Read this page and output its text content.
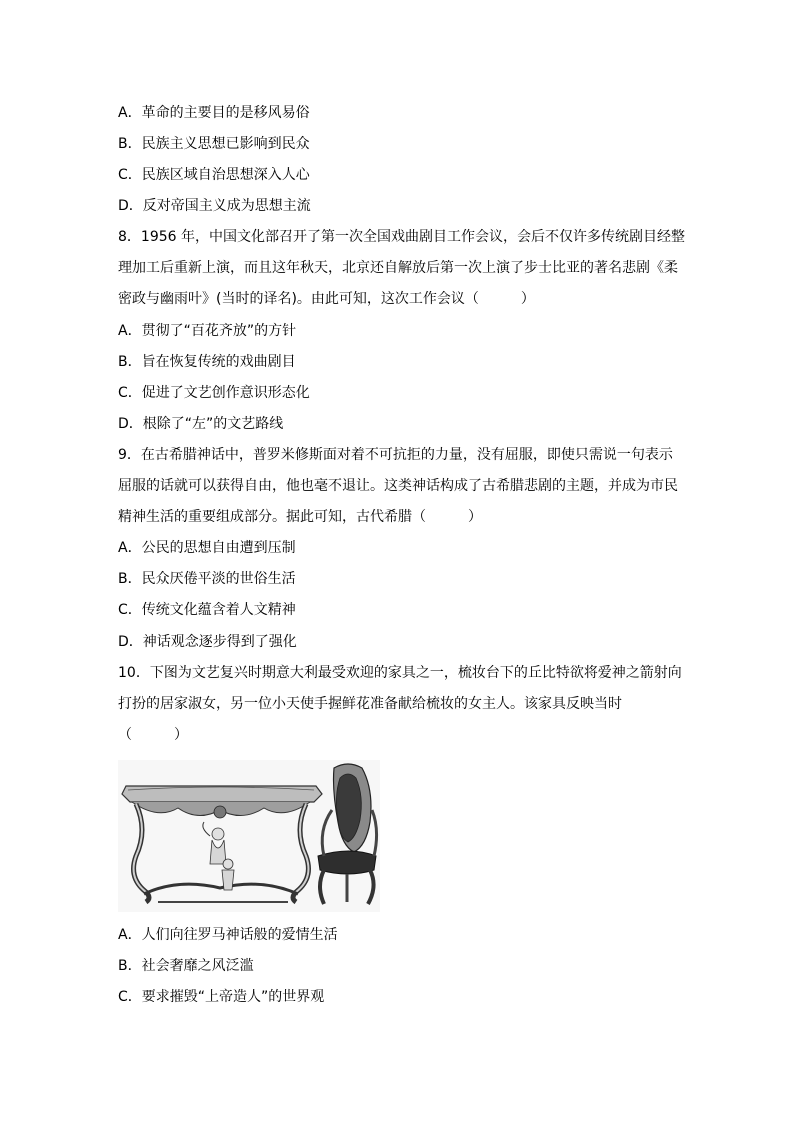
A．革命的主要目的是移风易俗
B．民族主义思想已影响到民众
C．民族区域自治思想深入人心
D．反对帝国主义成为思想主流
8．1956 年，中国文化部召开了第一次全国戏曲剧目工作会议，会后不仅许多传统剧目经整
理加工后重新上演，而且这年秋天，北京还自解放后第一次上演了步士比亚的著名悲剧《柔
密政与幽雨叶》(当时的译名)。由此可知，这次工作会议（　　　）
A．贯彻了“百花齐放”的方针
B．旨在恢复传统的戏曲剧目
C．促进了文艺创作意识形态化
D．根除了“左”的文艺路线
9．在古希腊神话中，普罗米修斯面对着不可抗拒的力量，没有屈服，即使只需说一句表示
屈服的话就可以获得自由，他也毫不退让。这类神话构成了古希腊悲剧的主题，并成为市民
精神生活的重要组成部分。据此可知，古代希腊（　　　）
A．公民的思想自由遭到压制
B．民众厌倦平淡的世俗生活
C．传统文化蕴含着人文精神
D．神话观念逐步得到了强化
10．下图为文艺复兴时期意大利最受欢迎的家具之一，梳妆台下的丘比特欲将爱神之箭射向
打扮的居家淑女，另一位小天使手握鲜花准备献给梳妆的女主人。该家具反映当时
（　　　）
A．人们向往罗马神话般的爱情生活
B．社会奢靡之风泛滥
C．要求摧毁“上帝造人”的世界观
